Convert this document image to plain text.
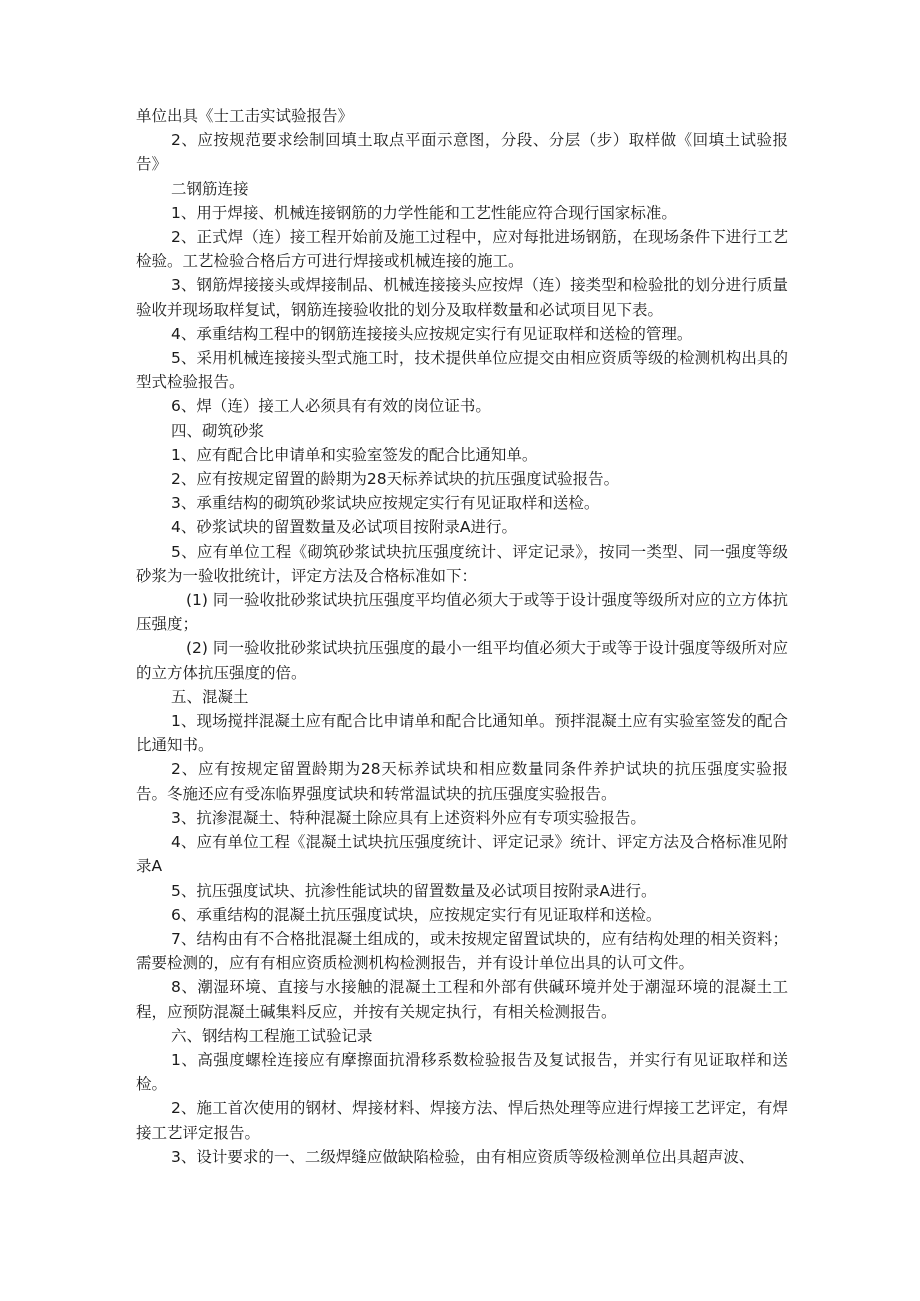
单位出具《士工击实试验报告》

2、应按规范要求绘制回填土取点平面示意图，分段、分层（步）取样做《回填土试验报告》

二钢筋连接

1、用于焊接、机械连接钢筋的力学性能和工艺性能应符合现行国家标准。

2、正式焊（连）接工程开始前及施工过程中，应对每批进场钢筋，在现场条件下进行工艺检验。工艺检验合格后方可进行焊接或机械连接的施工。

3、钢筋焊接接头或焊接制品、机械连接接头应按焊（连）接类型和检验批的划分进行质量验收并现场取样复试，钢筋连接验收批的划分及取样数量和必试项目见下表。

4、承重结构工程中的钢筋连接接头应按规定实行有见证取样和送检的管理。

5、采用机械连接接头型式施工时，技术提供单位应提交由相应资质等级的检测机构出具的型式检验报告。

6、焊（连）接工人必须具有有效的岗位证书。

四、砌筑砂浆

1、应有配合比申请单和实验室签发的配合比通知单。

2、应有按规定留置的龄期为28天标养试块的抗压强度试验报告。

3、承重结构的砌筑砂浆试块应按规定实行有见证取样和送检。

4、砂浆试块的留置数量及必试项目按附录A进行。

5、应有单位工程《砌筑砂浆试块抗压强度统计、评定记录》，按同一类型、同一强度等级砂浆为一验收批统计，评定方法及合格标准如下：

(1) 同一验收批砂浆试块抗压强度平均值必须大于或等于设计强度等级所对应的立方体抗压强度；

(2) 同一验收批砂浆试块抗压强度的最小一组平均值必须大于或等于设计强度等级所对应的立方体抗压强度的倍。

五、混凝土

1、现场搅拌混凝土应有配合比申请单和配合比通知单。预拌混凝土应有实验室签发的配合比通知书。

2、应有按规定留置龄期为28天标养试块和相应数量同条件养护试块的抗压强度实验报告。冬施还应有受冻临界强度试块和转常温试块的抗压强度实验报告。

3、抗渗混凝土、特种混凝土除应具有上述资料外应有专项实验报告。

4、应有单位工程《混凝土试块抗压强度统计、评定记录》统计、评定方法及合格标准见附录A

5、抗压强度试块、抗渗性能试块的留置数量及必试项目按附录A进行。

6、承重结构的混凝土抗压强度试块，应按规定实行有见证取样和送检。

7、结构由有不合格批混凝土组成的，或未按规定留置试块的，应有结构处理的相关资料；需要检测的，应有有相应资质检测机构检测报告，并有设计单位出具的认可文件。

8、潮湿环境、直接与水接触的混凝土工程和外部有供碱环境并处于潮湿环境的混凝土工程，应预防混凝土碱集料反应，并按有关规定执行，有相关检测报告。

六、钢结构工程施工试验记录

1、高强度螺栓连接应有摩擦面抗滑移系数检验报告及复试报告，并实行有见证取样和送检。

2、施工首次使用的钢材、焊接材料、焊接方法、悍后热处理等应进行焊接工艺评定，有焊接工艺评定报告。

3、设计要求的一、二级焊缝应做缺陷检验，由有相应资质等级检测单位出具超声波、
